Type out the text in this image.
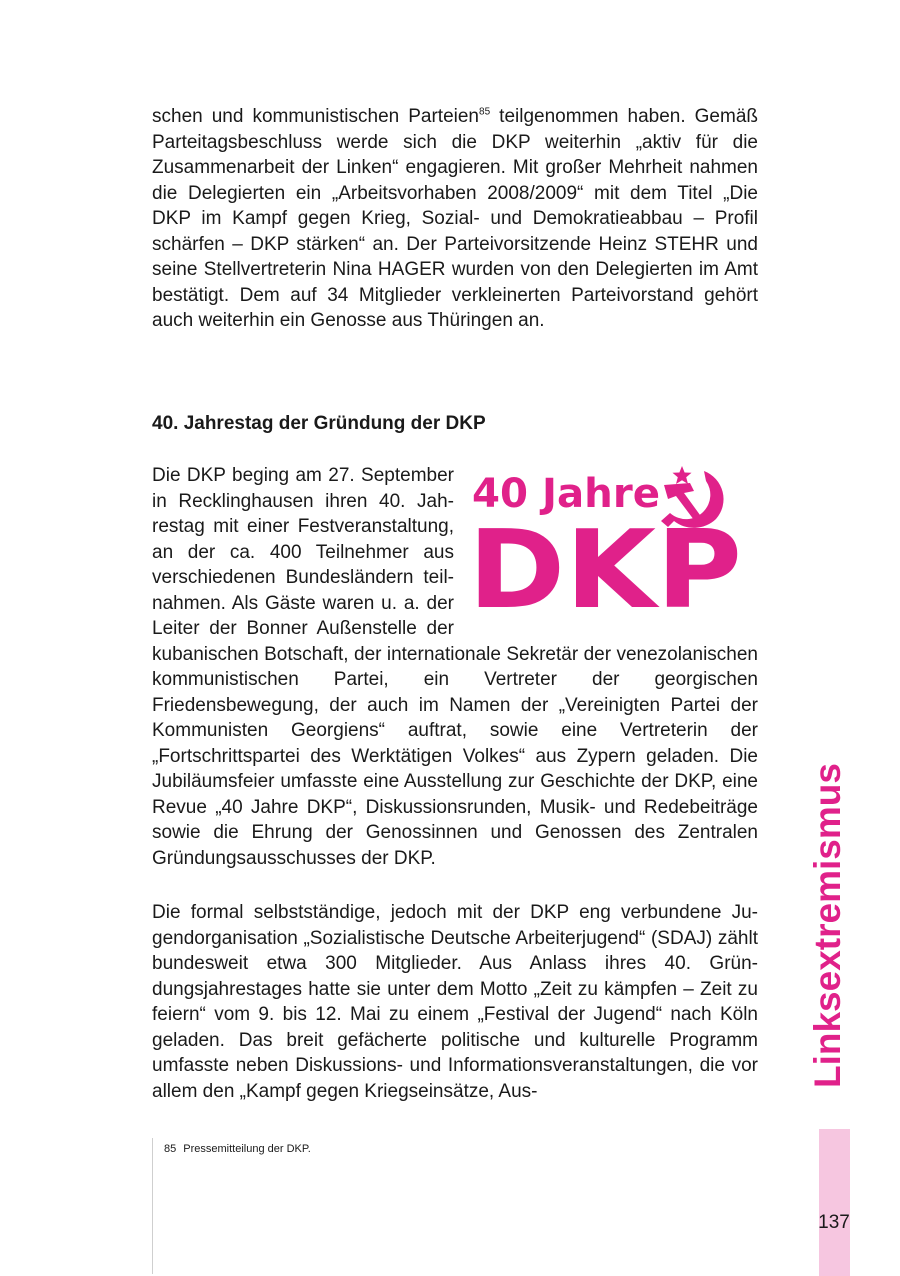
schen und kommunistischen Parteien$^{85}$ teilgenommen haben. Gemäß Parteitagsbeschluss werde sich die DKP weiterhin „aktiv für die Zusammenarbeit der Linken“ engagieren. Mit großer Mehrheit nahmen die Delegierten ein „Arbeitsvorhaben 2008/2009“ mit dem Titel „Die DKP im Kampf gegen Krieg, Sozial- und Demokratieabbau – Profil schärfen – DKP stärken“ an. Der Parteivorsitzende Heinz STEHR und seine Stellvertreterin Nina HAGER wurden von den Delegierten im Amt bestätigt. Dem auf 34 Mitglieder verkleinerten Parteivorstand gehört auch weiterhin ein Genosse aus Thüringen an.

40. Jahrestag der Gründung der DKP
40 Jahre
DKP
Die DKP beging am 27. September in Recklinghausen ihren 40. Jahrestag mit einer Festveranstaltung, an der ca. 400 Teilnehmer aus verschiedenen Bundesländern teilnahmen. Als Gäste waren u. a. der Leiter der Bonner Außenstelle der kubanischen Botschaft, der internationale Sekretär der venezolanischen kommunistischen Partei, ein Vertreter der georgischen Friedensbewegung, der auch im Namen der „Vereinigten Partei der Kommunisten Georgiens“ auftrat, sowie eine Vertreterin der „Fortschrittspartei des Werktätigen Volkes“ aus Zypern geladen. Die Jubiläumsfeier umfasste eine Ausstellung zur Geschichte der DKP, eine Revue „40 Jahre DKP“, Diskussionsrunden, Musik- und Redebeiträge sowie die Ehrung der Genossinnen und Genossen des Zentralen Gründungsausschusses der DKP.

Die formal selbstständige, jedoch mit der DKP eng verbundene Jugendorganisation „Sozialistische Deutsche Arbeiterjugend“ (SDAJ) zählt bundesweit etwa 300 Mitglieder. Aus Anlass ihres 40. Gründungsjahrestages hatte sie unter dem Motto „Zeit zu kämpfen – Zeit zu feiern“ vom 9. bis 12. Mai zu einem „Festival der Jugend“ nach Köln geladen. Das breit gefächerte politische und kulturelle Programm umfasste neben Diskussions- und Informationsveranstaltungen, die vor allem den „Kampf gegen Kriegseinsätze, Aus-

85 Pressemitteilung der DKP.

Linksextremismus

137
